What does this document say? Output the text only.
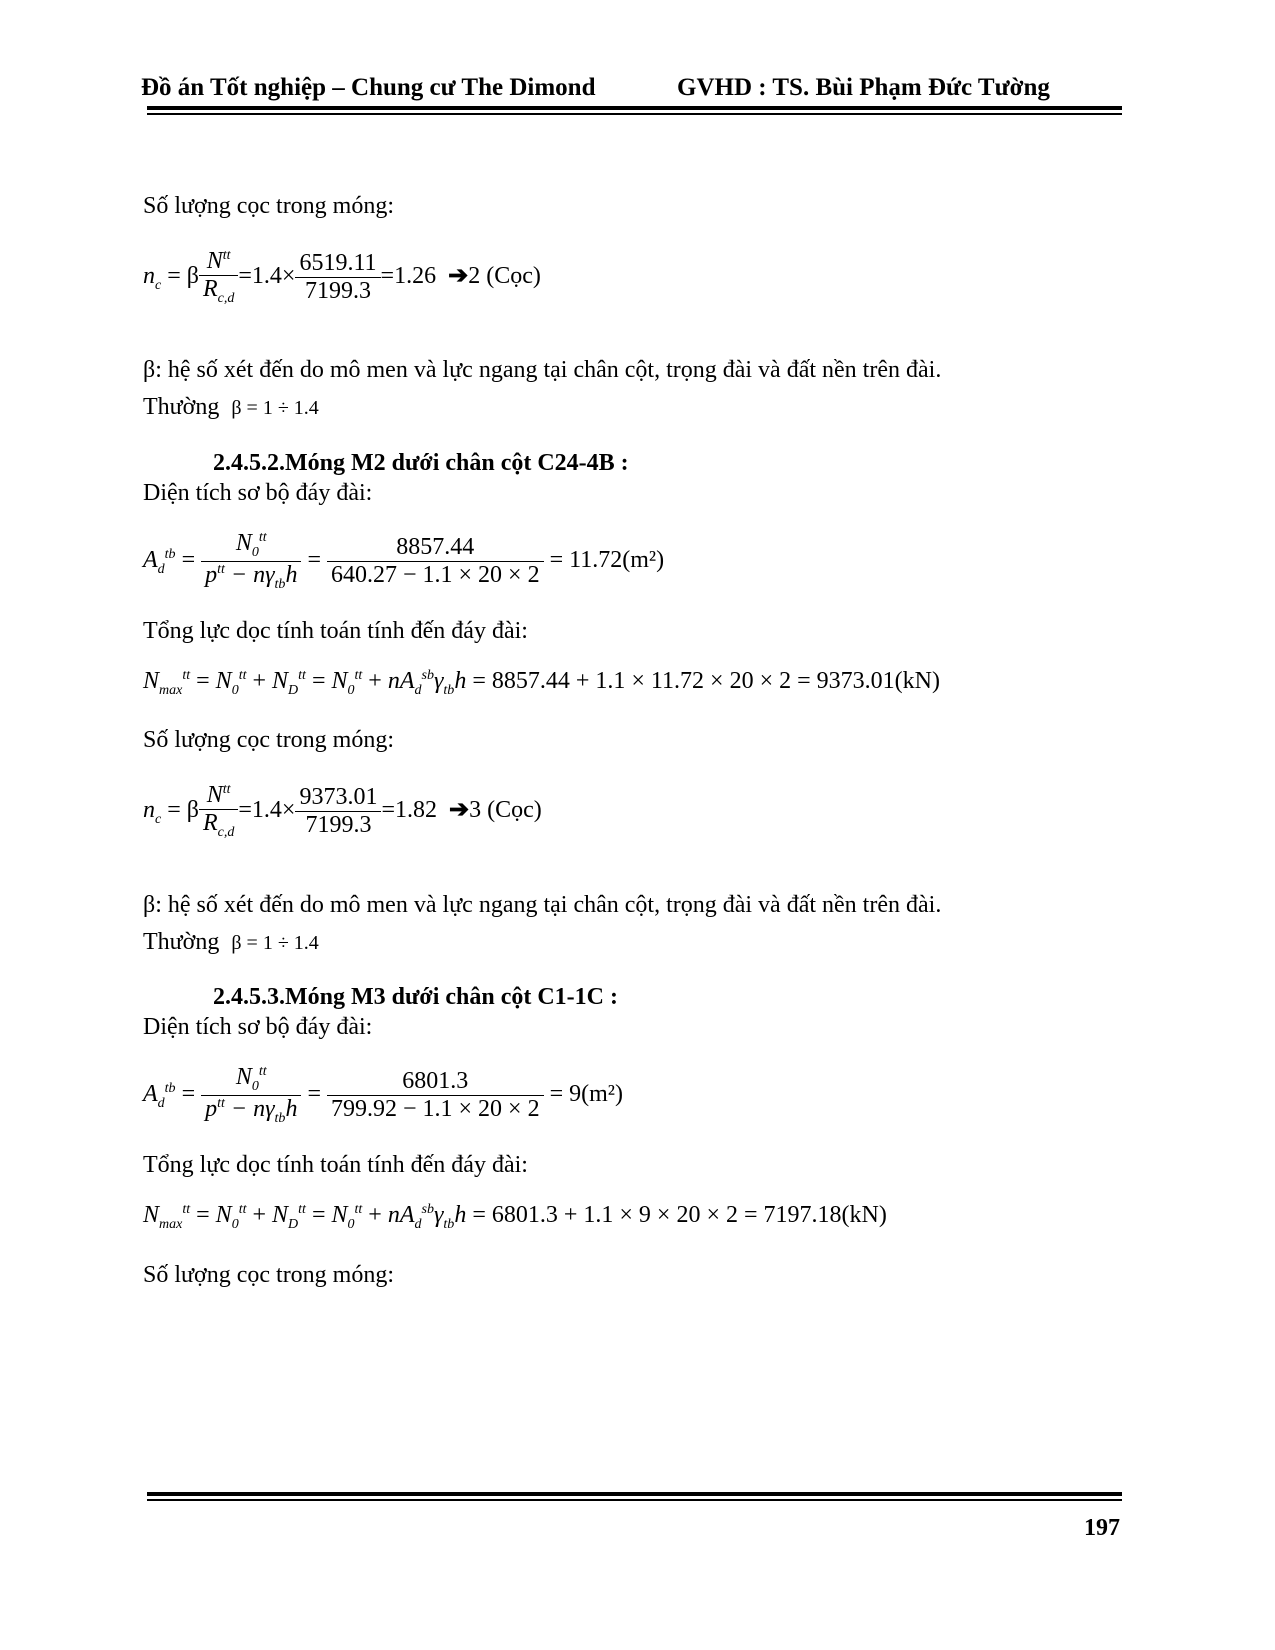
Đồ án Tốt nghiệp – Chung cư The Dimond	GVHD : TS. Bùi Phạm Đức Tường
Số lượng cọc trong móng:
$n_c = \beta \frac{N^{tt}}{R_{c,d}} =1.4\times \frac{6519.11}{7199.3} =1.26$ ➔2 (Cọc)
β: hệ số xét đến do mô men và lực ngang tại chân cột, trọng đài và đất nền trên đài.
Thường β = 1 ÷ 1.4
2.4.5.2.Móng M2 dưới chân cột C24-4B :
Diện tích sơ bộ đáy đài:
$A_d^{tb} = \frac{N_0^{tt}}{p^{tt} - n\gamma_{tb}h} = \frac{8857.44}{640.27 - 1.1 \times 20 \times 2} = 11.72(m^2)$
Tổng lực dọc tính toán tính đến đáy đài:
$N_{max}^{tt} = N_0^{tt} + N_D^{tt} = N_0^{tt} + nA_d^{sb}\gamma_{tb}h = 8857.44 + 1.1 \times 11.72 \times 20 \times 2 = 9373.01(kN)$
Số lượng cọc trong móng:
$n_c = \beta \frac{N^{tt}}{R_{c,d}} =1.4\times \frac{9373.01}{7199.3} =1.82$ ➔3 (Cọc)
β: hệ số xét đến do mô men và lực ngang tại chân cột, trọng đài và đất nền trên đài.
Thường β = 1 ÷ 1.4
2.4.5.3.Móng M3 dưới chân cột C1-1C :
Diện tích sơ bộ đáy đài:
$A_d^{tb} = \frac{N_0^{tt}}{p^{tt} - n\gamma_{tb}h} = \frac{6801.3}{799.92 - 1.1 \times 20 \times 2} = 9(m^2)$
Tổng lực dọc tính toán tính đến đáy đài:
$N_{max}^{tt} = N_0^{tt} + N_D^{tt} = N_0^{tt} + nA_d^{sb}\gamma_{tb}h = 6801.3 + 1.1 \times 9 \times 20 \times 2 = 7197.18(kN)$
Số lượng cọc trong móng:
197
